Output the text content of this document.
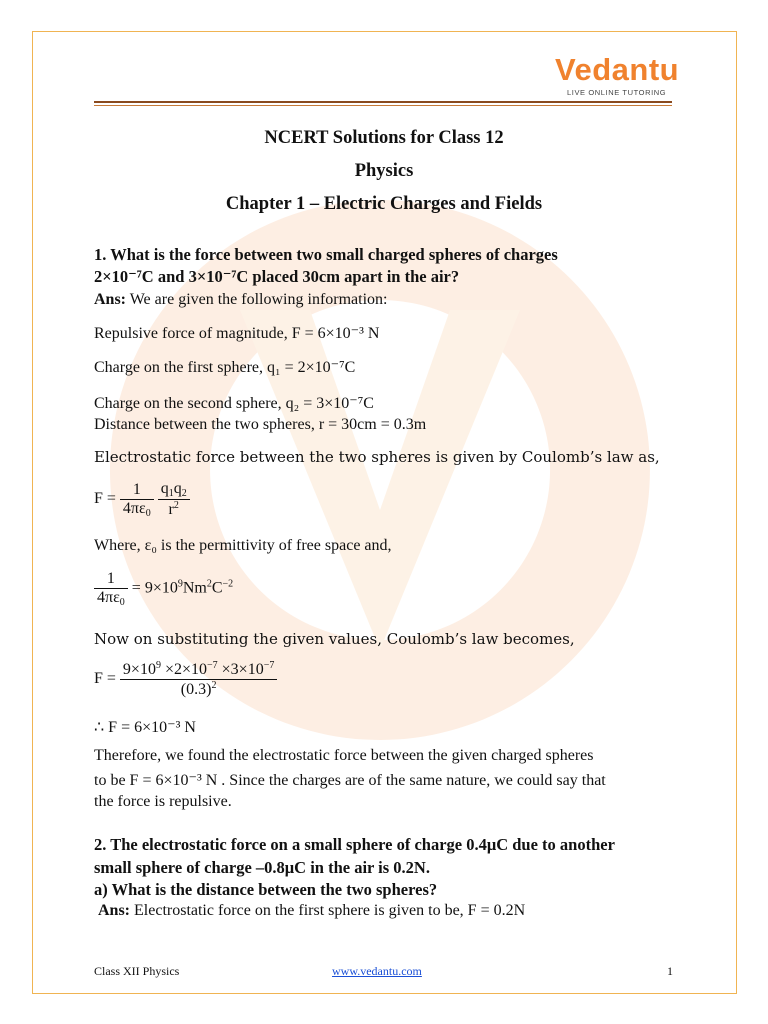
Vedantu
LIVE ONLINE TUTORING
NCERT Solutions for Class 12
Physics
Chapter 1 – Electric Charges and Fields
1. What is the force between two small charged spheres of charges
2×10⁻⁷C and 3×10⁻⁷C placed 30cm apart in the air?
Ans: We are given the following information:
Repulsive force of magnitude, F = 6×10⁻³ N
Charge on the first sphere, q₁ = 2×10⁻⁷C
Charge on the second sphere, q₂ = 3×10⁻⁷C
Distance between the two spheres, r = 30cm = 0.3m
Electrostatic force between the two spheres is given by Coulomb’s law as,
$F = \frac{1}{4\pi\varepsilon_0}$
$\frac{q_1q_2}{r^2}$
Where, ε₀ is the permittivity of free space and,
$\frac{1}{4\pi\varepsilon_0} = 9\times 10^9Nm^2C^{-2}$
Now on substituting the given values, Coulomb’s law becomes,
$F = \frac{9\times 10^9 \times 2\times 10^{-7} \times 3\times 10^{-7}}{(0.3)^2}$
∴ F = 6×10⁻³ N
Therefore, we found the electrostatic force between the given charged spheres
to be F = 6×10⁻³ N . Since the charges are of the same nature, we could say that
the force is repulsive.
2. The electrostatic force on a small sphere of charge 0.4μC due to another
small sphere of charge –0.8μC in the air is 0.2N.
a) What is the distance between the two spheres?
Ans: Electrostatic force on the first sphere is given to be, F = 0.2N
Class XII Physics	www.vedantu.com	1
